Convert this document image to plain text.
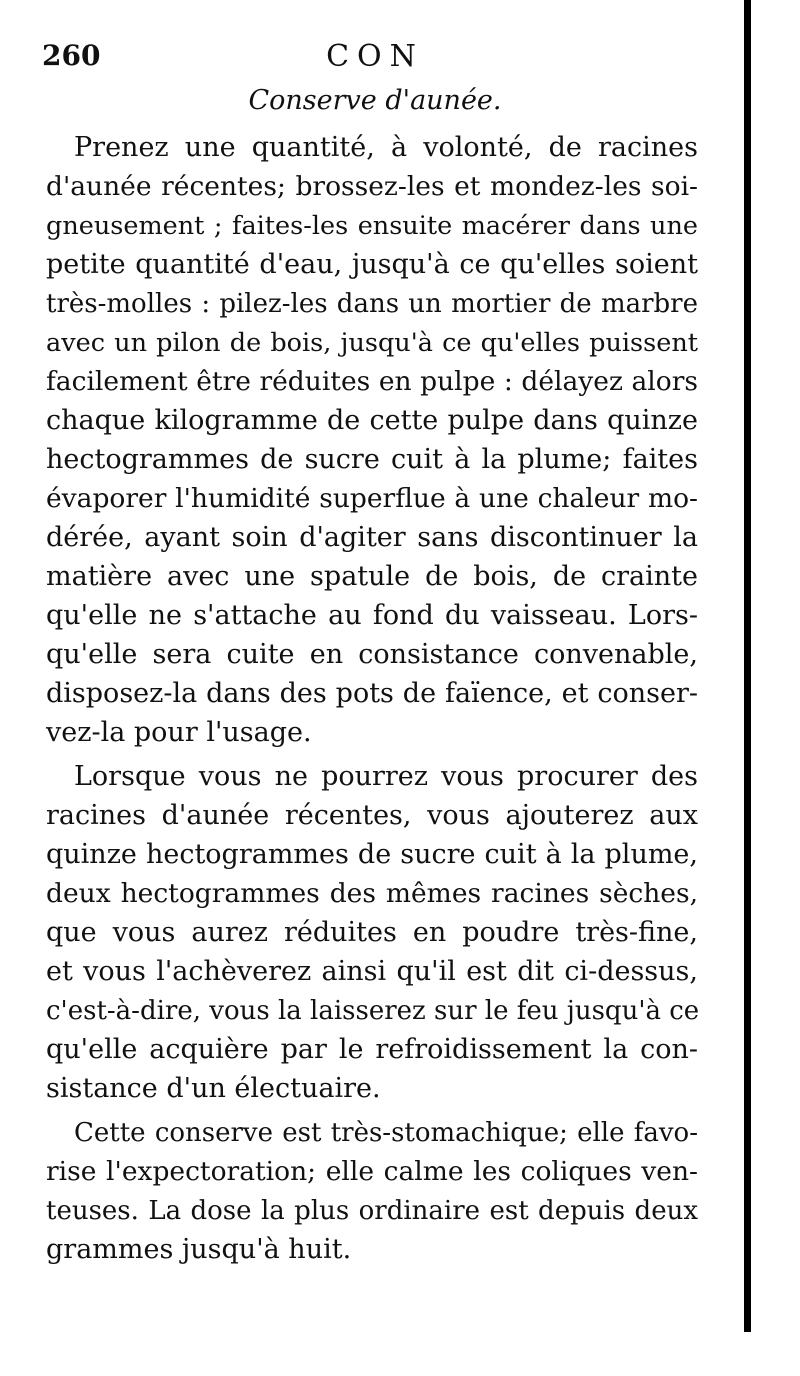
260	CON
Conserve d'aunée.
Prenez une quantité, à volonté, de racines
d'aunée récentes; brossez-les et mondez-les soi-
gneusement ; faites-les ensuite macérer dans une
petite quantité d'eau, jusqu'à ce qu'elles soient
très-molles : pilez-les dans un mortier de marbre
avec un pilon de bois, jusqu'à ce qu'elles puissent
facilement être réduites en pulpe : délayez alors
chaque kilogramme de cette pulpe dans quinze
hectogrammes de sucre cuit à la plume; faites
évaporer l'humidité superflue à une chaleur mo-
dérée, ayant soin d'agiter sans discontinuer la
matière avec une spatule de bois, de crainte
qu'elle ne s'attache au fond du vaisseau. Lors-
qu'elle sera cuite en consistance convenable,
disposez-la dans des pots de faïence, et conser-
vez-la pour l'usage.
Lorsque vous ne pourrez vous procurer des
racines d'aunée récentes, vous ajouterez aux
quinze hectogrammes de sucre cuit à la plume,
deux hectogrammes des mêmes racines sèches,
que vous aurez réduites en poudre très-fine,
et vous l'achèverez ainsi qu'il est dit ci-dessus,
c'est-à-dire, vous la laisserez sur le feu jusqu'à ce
qu'elle acquière par le refroidissement la con-
sistance d'un électuaire.
Cette conserve est très-stomachique; elle favo-
rise l'expectoration; elle calme les coliques ven-
teuses. La dose la plus ordinaire est depuis deux
grammes jusqu'à huit.
